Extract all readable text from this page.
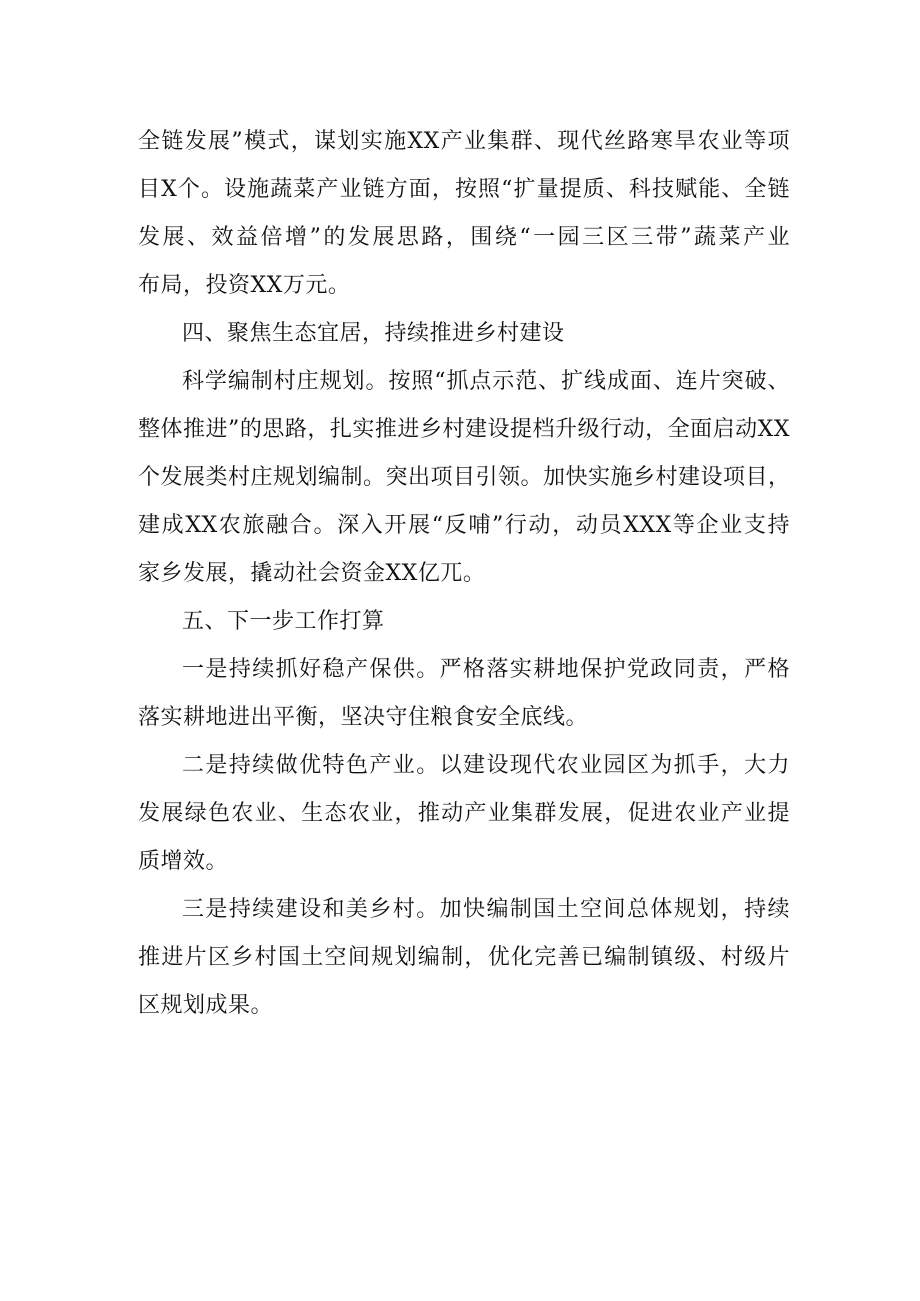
全链发展”模式，谋划实施XX产业集群、现代丝路寒旱农业等项
目X个。设施蔬菜产业链方面，按照“扩量提质、科技赋能、全链
发展、效益倍增”的发展思路，围绕“一园三区三带”蔬菜产业
布局，投资XX万元。
四、聚焦生态宜居，持续推进乡村建设
科学编制村庄规划。按照“抓点示范、扩线成面、连片突破、
整体推进”的思路，扎实推进乡村建设提档升级行动，全面启动XX
个发展类村庄规划编制。突出项目引领。加快实施乡村建设项目，
建成XX农旅融合。深入开展“反哺”行动，动员XXX等企业支持
家乡发展，撬动社会资金XX亿兀。
五、下一步工作打算
一是持续抓好稳产保供。严格落实耕地保护党政同责，严格
落实耕地进出平衡，坚决守住粮食安全底线。
二是持续做优特色产业。以建设现代农业园区为抓手，大力
发展绿色农业、生态农业，推动产业集群发展，促进农业产业提
质增效。
三是持续建设和美乡村。加快编制国土空间总体规划，持续
推进片区乡村国土空间规划编制，优化完善已编制镇级、村级片
区规划成果。
